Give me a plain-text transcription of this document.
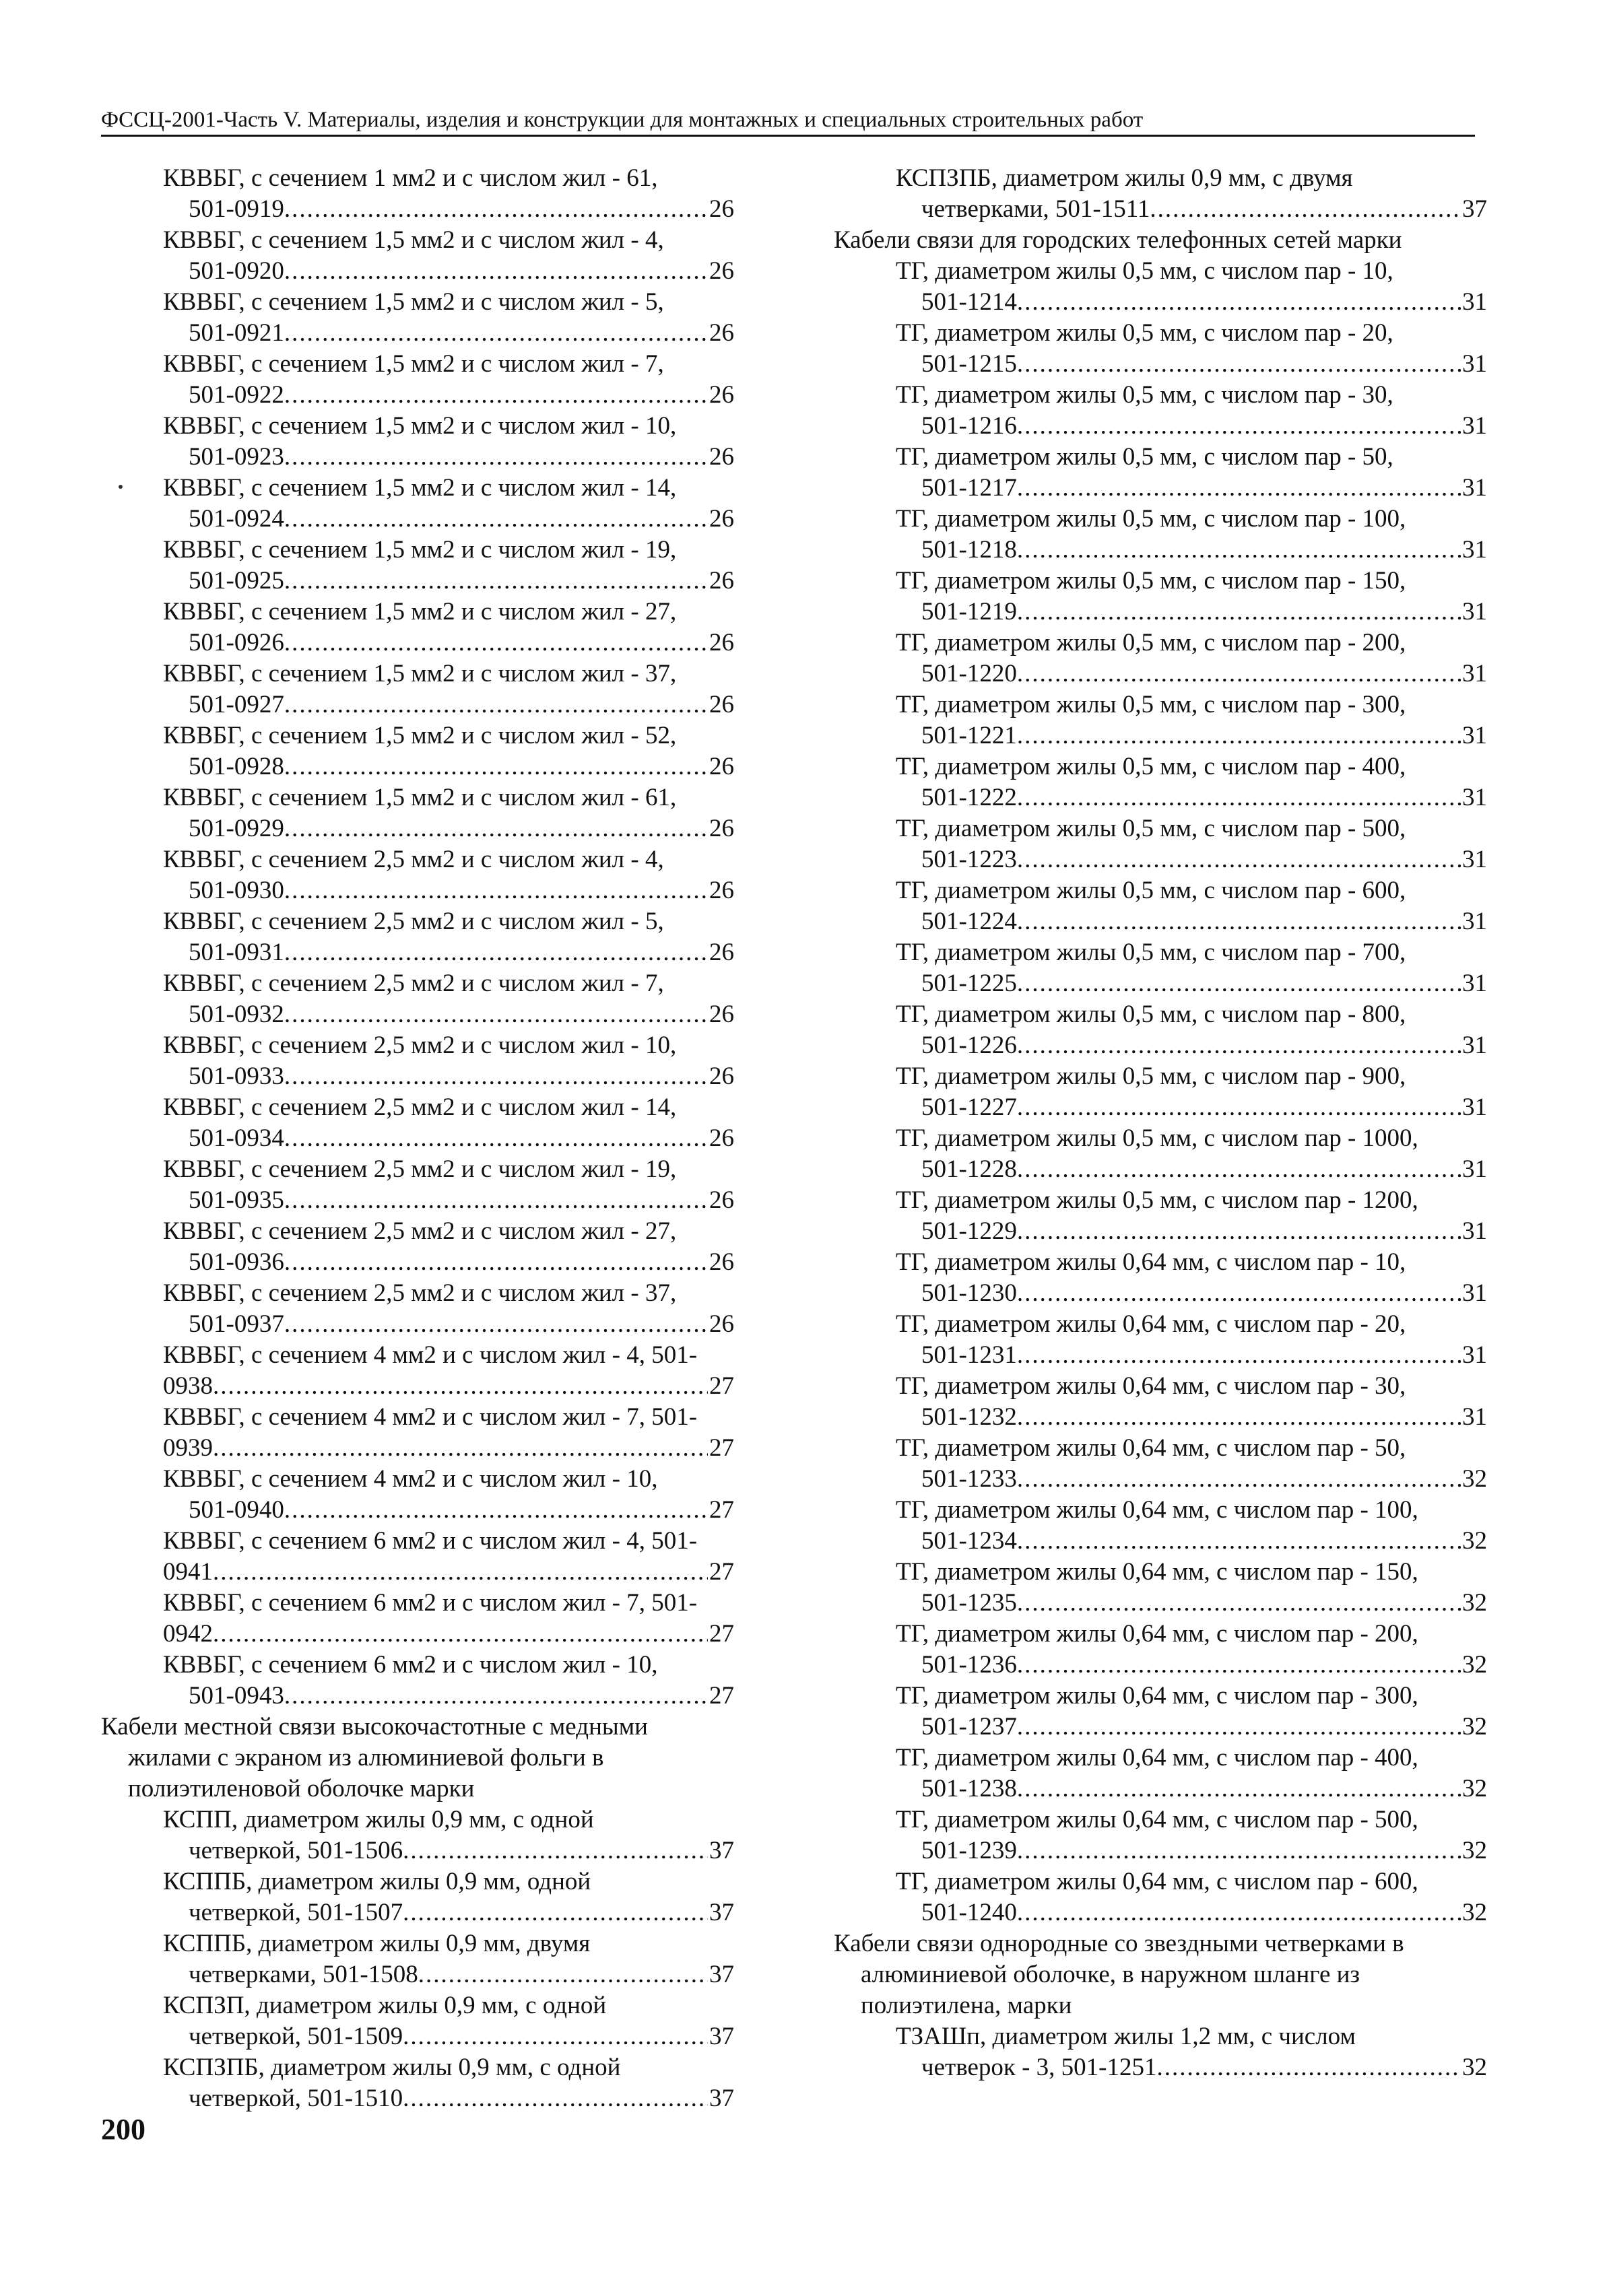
ФССЦ-2001-Часть V. Материалы, изделия и конструкции для монтажных и специальных строительных работ
КВВБГ, с сечением 1 мм2 и с числом жил - 61,
501-0919 .....	26
КВВБГ, с сечением 1,5 мм2 и с числом жил - 4,
501-0920 .....	26
КВВБГ, с сечением 1,5 мм2 и с числом жил - 5,
501-0921 .....	26
КВВБГ, с сечением 1,5 мм2 и с числом жил - 7,
501-0922 .....	26
КВВБГ, с сечением 1,5 мм2 и с числом жил - 10,
501-0923 .....	26
КВВБГ, с сечением 1,5 мм2 и с числом жил - 14,
501-0924 .....	26
КВВБГ, с сечением 1,5 мм2 и с числом жил - 19,
501-0925 .....	26
КВВБГ, с сечением 1,5 мм2 и с числом жил - 27,
501-0926 .....	26
КВВБГ, с сечением 1,5 мм2 и с числом жил - 37,
501-0927 .....	26
КВВБГ, с сечением 1,5 мм2 и с числом жил - 52,
501-0928 .....	26
КВВБГ, с сечением 1,5 мм2 и с числом жил - 61,
501-0929 .....	26
КВВБГ, с сечением 2,5 мм2 и с числом жил - 4,
501-0930 .....	26
КВВБГ, с сечением 2,5 мм2 и с числом жил - 5,
501-0931 .....	26
КВВБГ, с сечением 2,5 мм2 и с числом жил - 7,
501-0932 .....	26
КВВБГ, с сечением 2,5 мм2 и с числом жил - 10,
501-0933 .....	26
КВВБГ, с сечением 2,5 мм2 и с числом жил - 14,
501-0934 .....	26
КВВБГ, с сечением 2,5 мм2 и с числом жил - 19,
501-0935 .....	26
КВВБГ, с сечением 2,5 мм2 и с числом жил - 27,
501-0936 .....	26
КВВБГ, с сечением 2,5 мм2 и с числом жил - 37,
501-0937 .....	26
КВВБГ, с сечением 4 мм2 и с числом жил - 4, 501-
0938 .....	27
КВВБГ, с сечением 4 мм2 и с числом жил - 7, 501-
0939 .....	27
КВВБГ, с сечением 4 мм2 и с числом жил - 10,
501-0940 .....	27
КВВБГ, с сечением 6 мм2 и с числом жил - 4, 501-
0941 .....	27
КВВБГ, с сечением 6 мм2 и с числом жил - 7, 501-
0942 .....	27
КВВБГ, с сечением 6 мм2 и с числом жил - 10,
501-0943 .....	27
Кабели местной связи высокочастотные с медными
жилами с экраном из алюминиевой фольги в
полиэтиленовой оболочке марки
КСПП, диаметром жилы 0,9 мм, с одной
четверкой, 501-1506 .....	37
КСППБ, диаметром жилы 0,9 мм, одной
четверкой, 501-1507 .....	37
КСППБ, диаметром жилы 0,9 мм, двумя
четверками, 501-1508 .....	37
КСПЗП, диаметром жилы 0,9 мм, с одной
четверкой, 501-1509 .....	37
КСПЗПБ, диаметром жилы 0,9 мм, с одной
четверкой, 501-1510 .....	37
КСПЗПБ, диаметром жилы 0,9 мм, с двумя
четверками, 501-1511 .....	37
Кабели связи для городских телефонных сетей марки
ТГ, диаметром жилы 0,5 мм, с числом пар - 10,
501-1214 .....	31
ТГ, диаметром жилы 0,5 мм, с числом пар - 20,
501-1215 .....	31
ТГ, диаметром жилы 0,5 мм, с числом пар - 30,
501-1216 .....	31
ТГ, диаметром жилы 0,5 мм, с числом пар - 50,
501-1217 .....	31
ТГ, диаметром жилы 0,5 мм, с числом пар - 100,
501-1218 .....	31
ТГ, диаметром жилы 0,5 мм, с числом пар - 150,
501-1219 .....	31
ТГ, диаметром жилы 0,5 мм, с числом пар - 200,
501-1220 .....	31
ТГ, диаметром жилы 0,5 мм, с числом пар - 300,
501-1221 .....	31
ТГ, диаметром жилы 0,5 мм, с числом пар - 400,
501-1222 .....	31
ТГ, диаметром жилы 0,5 мм, с числом пар - 500,
501-1223 .....	31
ТГ, диаметром жилы 0,5 мм, с числом пар - 600,
501-1224 .....	31
ТГ, диаметром жилы 0,5 мм, с числом пар - 700,
501-1225 .....	31
ТГ, диаметром жилы 0,5 мм, с числом пар - 800,
501-1226 .....	31
ТГ, диаметром жилы 0,5 мм, с числом пар - 900,
501-1227 .....	31
ТГ, диаметром жилы 0,5 мм, с числом пар - 1000,
501-1228 .....	31
ТГ, диаметром жилы 0,5 мм, с числом пар - 1200,
501-1229 .....	31
ТГ, диаметром жилы 0,64 мм, с числом пар - 10,
501-1230 .....	31
ТГ, диаметром жилы 0,64 мм, с числом пар - 20,
501-1231 .....	31
ТГ, диаметром жилы 0,64 мм, с числом пар - 30,
501-1232 .....	31
ТГ, диаметром жилы 0,64 мм, с числом пар - 50,
501-1233 .....	32
ТГ, диаметром жилы 0,64 мм, с числом пар - 100,
501-1234 .....	32
ТГ, диаметром жилы 0,64 мм, с числом пар - 150,
501-1235 .....	32
ТГ, диаметром жилы 0,64 мм, с числом пар - 200,
501-1236 .....	32
ТГ, диаметром жилы 0,64 мм, с числом пар - 300,
501-1237 .....	32
ТГ, диаметром жилы 0,64 мм, с числом пар - 400,
501-1238 .....	32
ТГ, диаметром жилы 0,64 мм, с числом пар - 500,
501-1239 .....	32
ТГ, диаметром жилы 0,64 мм, с числом пар - 600,
501-1240 .....	32
Кабели связи однородные со звездными четверками в
алюминиевой оболочке, в наружном шланге из
полиэтилена, марки
ТЗАШп, диаметром жилы 1,2 мм, с числом
четверок - 3, 501-1251 .....	32
200
